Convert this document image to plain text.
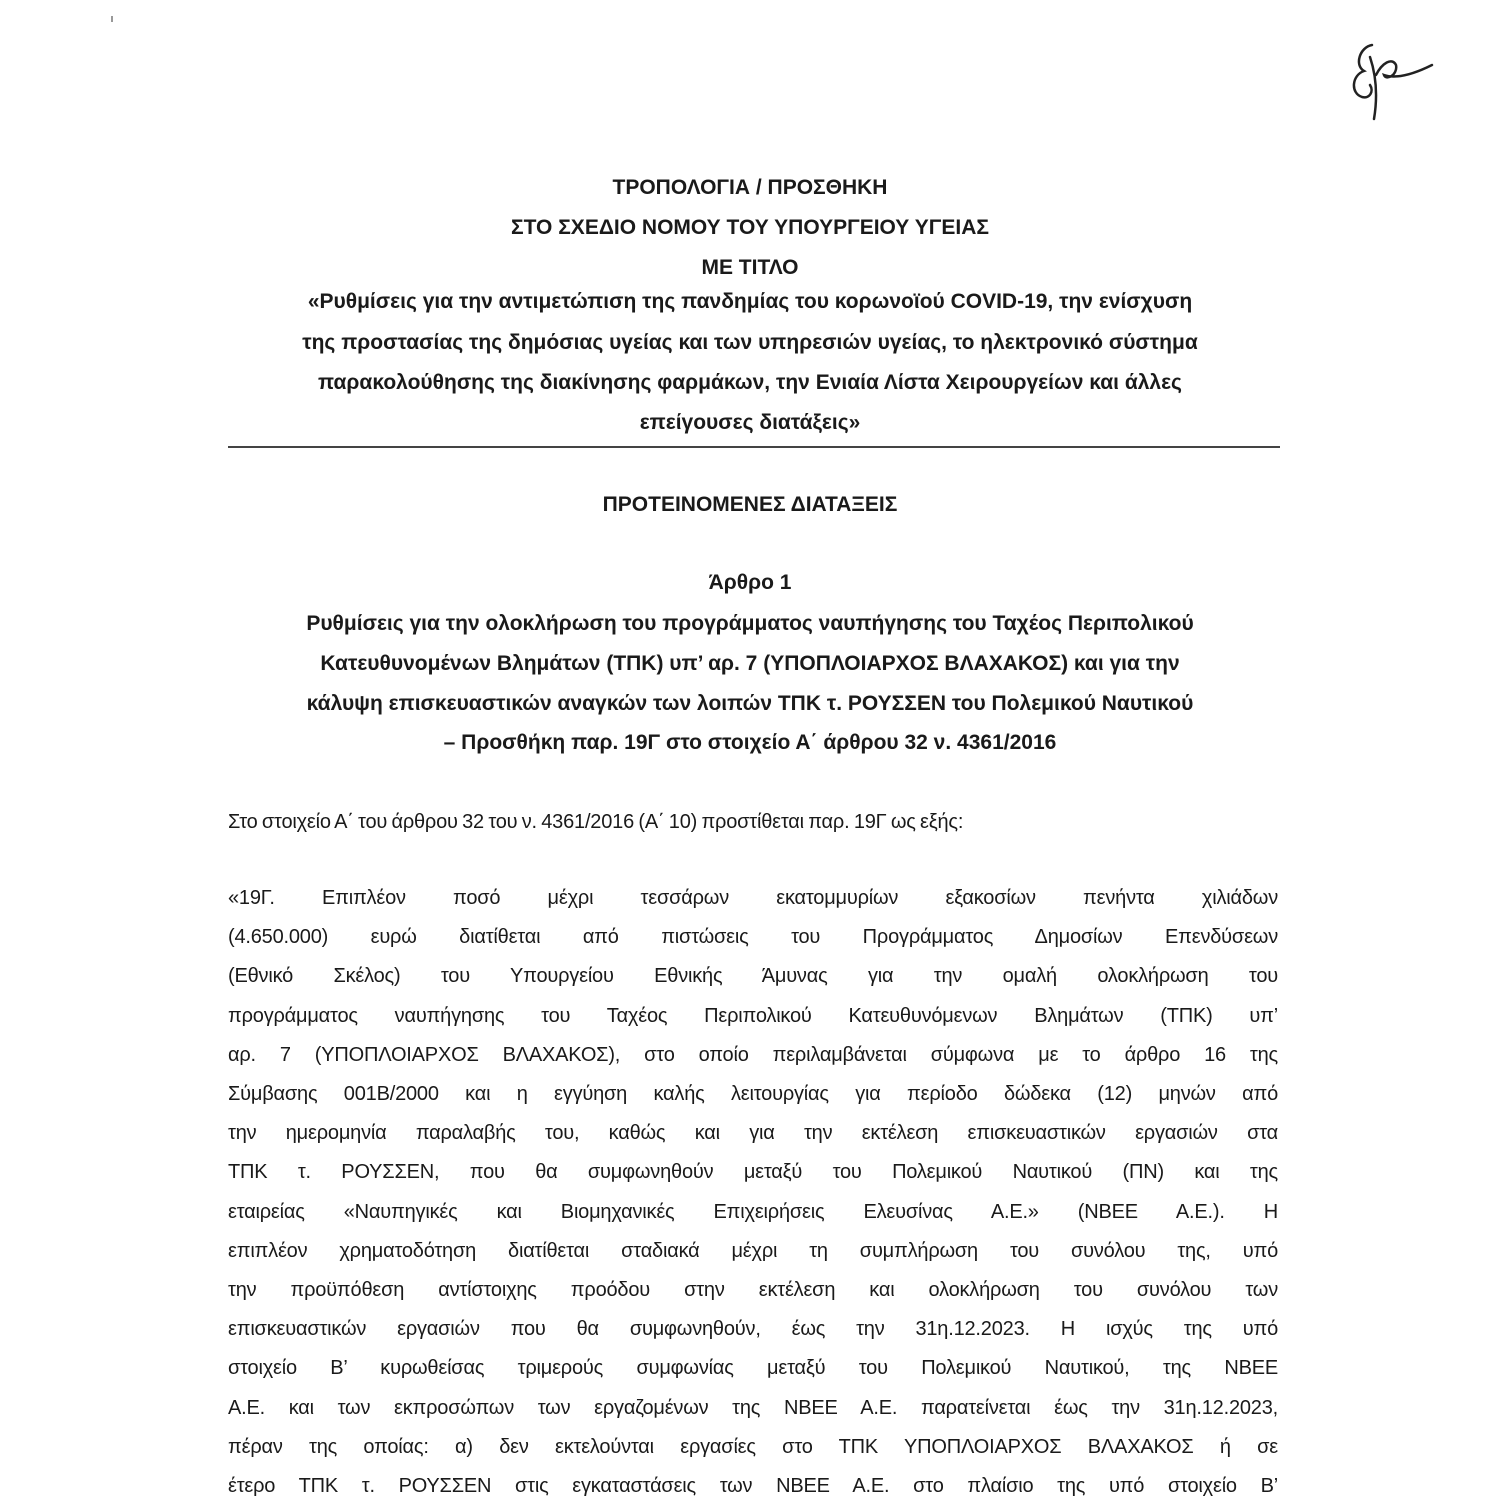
ΤΡΟΠΟΛΟΓΙΑ / ΠΡΟΣΘΗΚΗ
ΣΤΟ ΣΧΕΔΙΟ ΝΟΜΟΥ ΤΟΥ ΥΠΟΥΡΓΕΙΟΥ ΥΓΕΙΑΣ
ΜΕ ΤΙΤΛΟ
«Ρυθμίσεις για την αντιμετώπιση της πανδημίας του κορωνοϊού COVID-19, την ενίσχυση
της προστασίας της δημόσιας υγείας και των υπηρεσιών υγείας, το ηλεκτρονικό σύστημα
παρακολούθησης της διακίνησης φαρμάκων, την Ενιαία Λίστα Χειρουργείων και άλλες
επείγουσες διατάξεις»
ΠΡΟΤΕΙΝΟΜΕΝΕΣ ΔΙΑΤΑΞΕΙΣ
Άρθρο 1
Ρυθμίσεις για την ολοκλήρωση του προγράμματος ναυπήγησης του Ταχέος Περιπολικού
Κατευθυνομένων Βλημάτων (ΤΠΚ) υπ’ αρ. 7 (ΥΠΟΠΛΟΙΑΡΧΟΣ ΒΛΑΧΑΚΟΣ) και για την
κάλυψη επισκευαστικών αναγκών των λοιπών ΤΠΚ τ. ΡΟΥΣΣΕΝ του Πολεμικού Ναυτικού
– Προσθήκη παρ. 19Γ στο στοιχείο Α΄ άρθρου 32 ν. 4361/2016
Στο στοιχείο Α΄ του άρθρου 32 του ν. 4361/2016 (Α΄ 10) προστίθεται παρ. 19Γ ως εξής:
«19Γ. Επιπλέον ποσό μέχρι τεσσάρων εκατομμυρίων εξακοσίων πενήντα χιλιάδων
(4.650.000) ευρώ διατίθεται από πιστώσεις του Προγράμματος Δημοσίων Επενδύσεων
(Εθνικό Σκέλος) του Υπουργείου Εθνικής Άμυνας για την ομαλή ολοκλήρωση του
προγράμματος ναυπήγησης του Ταχέος Περιπολικού Κατευθυνόμενων Βλημάτων (ΤΠΚ) υπ’
αρ. 7 (ΥΠΟΠΛΟΙΑΡΧΟΣ ΒΛΑΧΑΚΟΣ), στο οποίο περιλαμβάνεται σύμφωνα με το άρθρο 16 της
Σύμβασης 001Β/2000 και η εγγύηση καλής λειτουργίας για περίοδο δώδεκα (12) μηνών από
την ημερομηνία παραλαβής του, καθώς και για την εκτέλεση επισκευαστικών εργασιών στα
ΤΠΚ τ. ΡΟΥΣΣΕΝ, που θα συμφωνηθούν μεταξύ του Πολεμικού Ναυτικού (ΠΝ) και της
εταιρείας «Ναυπηγικές και Βιομηχανικές Επιχειρήσεις Ελευσίνας Α.Ε.» (ΝΒΕΕ Α.Ε.). Η
επιπλέον χρηματοδότηση διατίθεται σταδιακά μέχρι τη συμπλήρωση του συνόλου της, υπό
την προϋπόθεση αντίστοιχης προόδου στην εκτέλεση και ολοκλήρωση του συνόλου των
επισκευαστικών εργασιών που θα συμφωνηθούν, έως την 31η.12.2023. Η ισχύς της υπό
στοιχείο Β’ κυρωθείσας τριμερούς συμφωνίας μεταξύ του Πολεμικού Ναυτικού, της ΝΒΕΕ
Α.Ε. και των εκπροσώπων των εργαζομένων της ΝΒΕΕ Α.Ε. παρατείνεται έως την 31η.12.2023,
πέραν της οποίας: α) δεν εκτελούνται εργασίες στο ΤΠΚ ΥΠΟΠΛΟΙΑΡΧΟΣ ΒΛΑΧΑΚΟΣ ή σε
έτερο ΤΠΚ τ. ΡΟΥΣΣΕΝ στις εγκαταστάσεις των ΝΒΕΕ Α.Ε. στο πλαίσιο της υπό στοιχείο Β’
